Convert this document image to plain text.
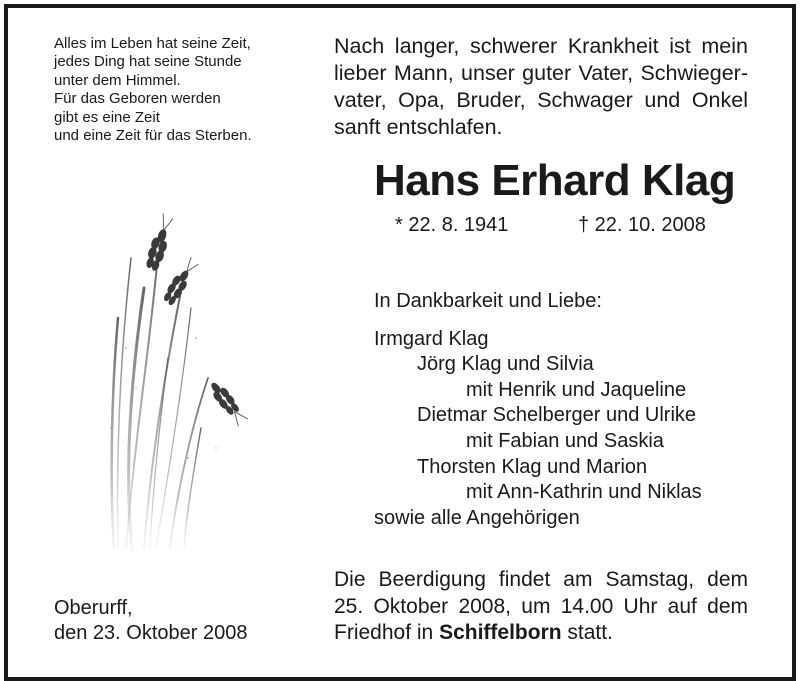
Alles im Leben hat seine Zeit,
jedes Ding hat seine Stunde
unter dem Himmel.
Für das Geboren werden
gibt es eine Zeit
und eine Zeit für das Sterben.
Nach langer, schwerer Krankheit ist mein
lieber Mann, unser guter Vater, Schwieger-
vater, Opa, Bruder, Schwager und Onkel
sanft entschlafen.
Hans Erhard Klag
* 22. 8. 1941	† 22. 10. 2008
In Dankbarkeit und Liebe:
Irmgard Klag
Jörg Klag und Silvia
mit Henrik und Jaqueline
Dietmar Schelberger und Ulrike
mit Fabian und Saskia
Thorsten Klag und Marion
mit Ann-Kathrin und Niklas
sowie alle Angehörigen
Oberurff,
den 23. Oktober 2008
Die Beerdigung findet am Samstag, dem
25. Oktober 2008, um 14.00 Uhr auf dem
Friedhof in Schiffelborn statt.
